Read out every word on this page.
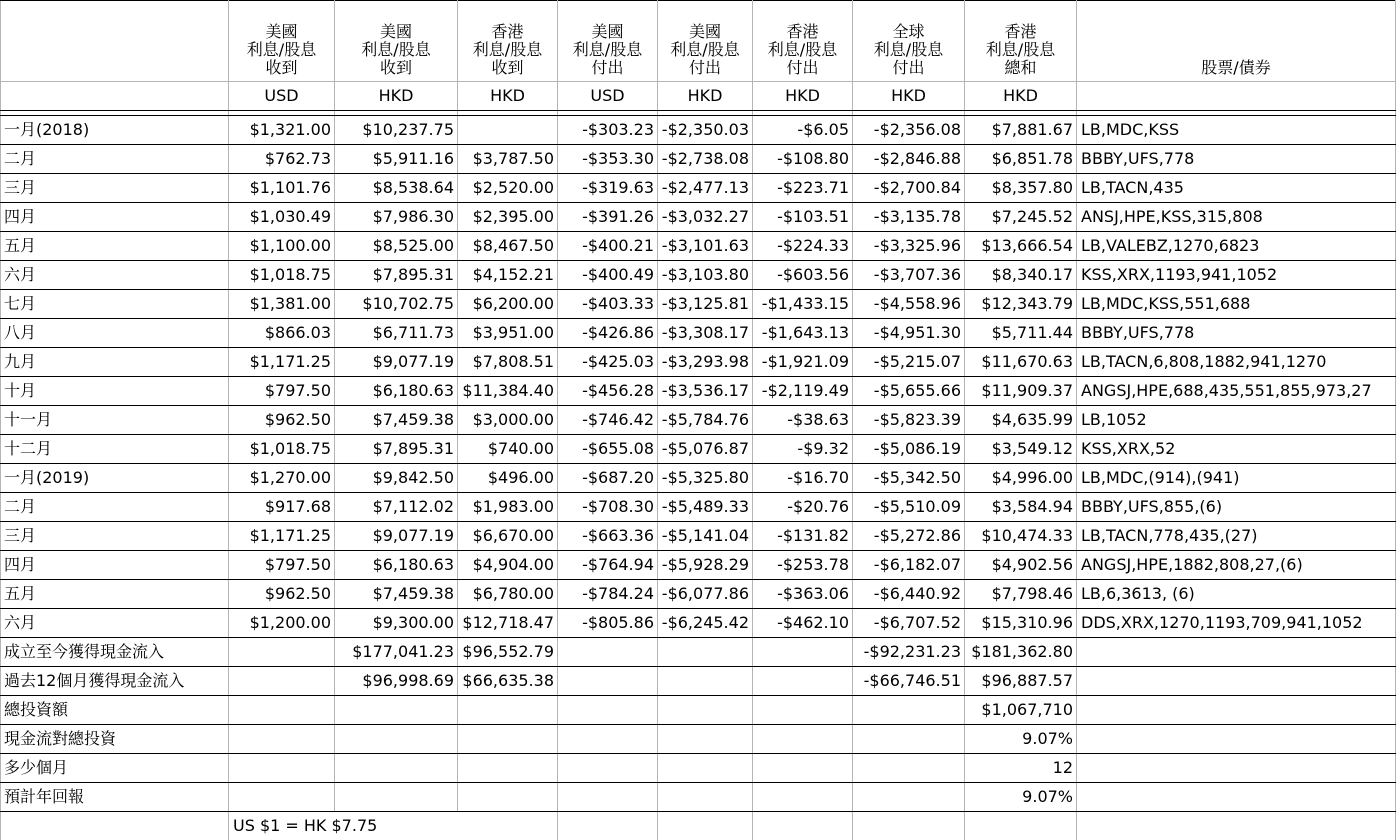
	美國
利息/股息
收到	美國
利息/股息
收到	香港
利息/股息
收到	美國
利息/股息
付出	美國
利息/股息
付出	香港
利息/股息
付出	全球
利息/股息
付出	香港
利息/股息
總和	股票/債券
	USD	HKD	HKD	USD	HKD	HKD	HKD	HKD	

一月(2018)	$1,321.00	$10,237.75		-$303.23	-$2,350.03	-$6.05	-$2,356.08	$7,881.67	LB,MDC,KSS
二月	$762.73	$5,911.16	$3,787.50	-$353.30	-$2,738.08	-$108.80	-$2,846.88	$6,851.78	BBBY,UFS,778
三月	$1,101.76	$8,538.64	$2,520.00	-$319.63	-$2,477.13	-$223.71	-$2,700.84	$8,357.80	LB,TACN,435
四月	$1,030.49	$7,986.30	$2,395.00	-$391.26	-$3,032.27	-$103.51	-$3,135.78	$7,245.52	ANSJ,HPE,KSS,315,808
五月	$1,100.00	$8,525.00	$8,467.50	-$400.21	-$3,101.63	-$224.33	-$3,325.96	$13,666.54	LB,VALEBZ,1270,6823
六月	$1,018.75	$7,895.31	$4,152.21	-$400.49	-$3,103.80	-$603.56	-$3,707.36	$8,340.17	KSS,XRX,1193,941,1052
七月	$1,381.00	$10,702.75	$6,200.00	-$403.33	-$3,125.81	-$1,433.15	-$4,558.96	$12,343.79	LB,MDC,KSS,551,688
八月	$866.03	$6,711.73	$3,951.00	-$426.86	-$3,308.17	-$1,643.13	-$4,951.30	$5,711.44	BBBY,UFS,778
九月	$1,171.25	$9,077.19	$7,808.51	-$425.03	-$3,293.98	-$1,921.09	-$5,215.07	$11,670.63	LB,TACN,6,808,1882,941,1270
十月	$797.50	$6,180.63	$11,384.40	-$456.28	-$3,536.17	-$2,119.49	-$5,655.66	$11,909.37	ANGSJ,HPE,688,435,551,855,973,27
十一月	$962.50	$7,459.38	$3,000.00	-$746.42	-$5,784.76	-$38.63	-$5,823.39	$4,635.99	LB,1052
十二月	$1,018.75	$7,895.31	$740.00	-$655.08	-$5,076.87	-$9.32	-$5,086.19	$3,549.12	KSS,XRX,52
一月(2019)	$1,270.00	$9,842.50	$496.00	-$687.20	-$5,325.80	-$16.70	-$5,342.50	$4,996.00	LB,MDC,(914),(941)
二月	$917.68	$7,112.02	$1,983.00	-$708.30	-$5,489.33	-$20.76	-$5,510.09	$3,584.94	BBBY,UFS,855,(6)
三月	$1,171.25	$9,077.19	$6,670.00	-$663.36	-$5,141.04	-$131.82	-$5,272.86	$10,474.33	LB,TACN,778,435,(27)
四月	$797.50	$6,180.63	$4,904.00	-$764.94	-$5,928.29	-$253.78	-$6,182.07	$4,902.56	ANGSJ,HPE,1882,808,27,(6)
五月	$962.50	$7,459.38	$6,780.00	-$784.24	-$6,077.86	-$363.06	-$6,440.92	$7,798.46	LB,6,3613, (6)
六月	$1,200.00	$9,300.00	$12,718.47	-$805.86	-$6,245.42	-$462.10	-$6,707.52	$15,310.96	DDS,XRX,1270,1193,709,941,1052
成立至今獲得現金流入		$177,041.23	$96,552.79				-$92,231.23	$181,362.80	
過去12個月獲得現金流入		$96,998.69	$66,635.38				-$66,746.51	$96,887.57	
總投資額								$1,067,710	
現金流對總投資								9.07%	
多少個月								12	
預計年回報								9.07%	
	US $1 = HK $7.75								
